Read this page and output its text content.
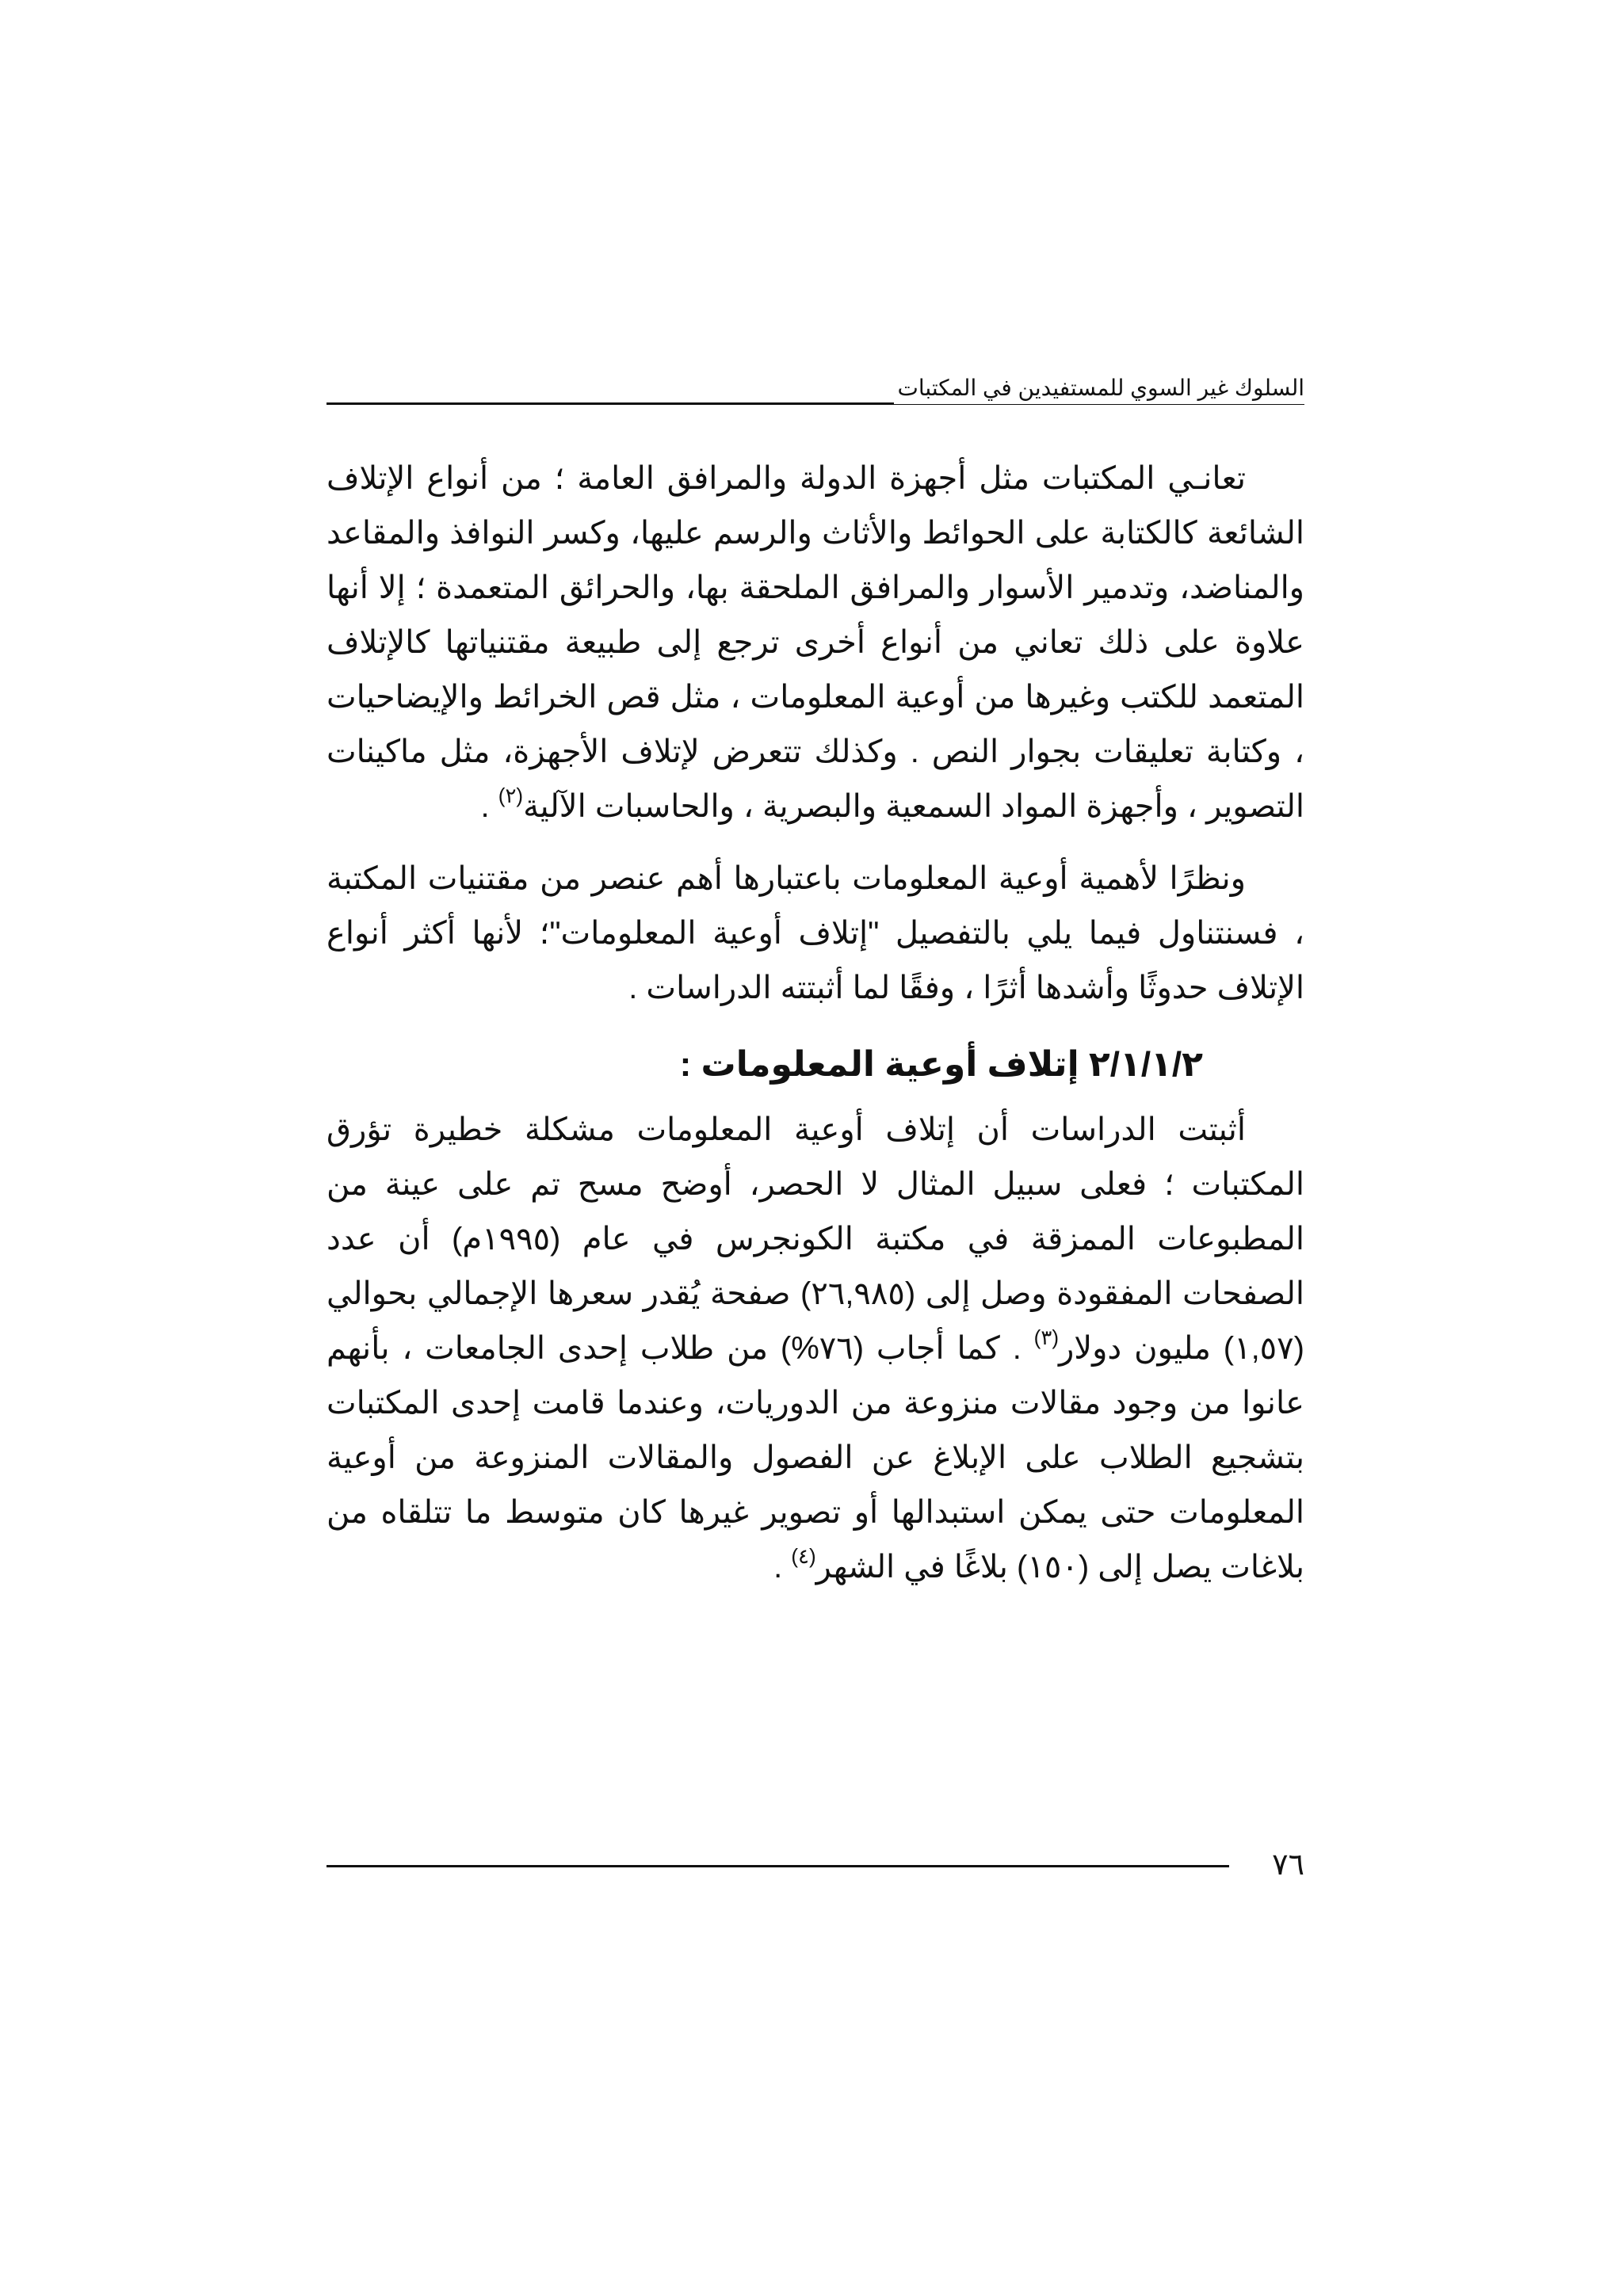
السلوك غير السوي للمستفيدين في المكتبات

تعانـي المكتبات مثل أجهزة الدولة والمرافق العامة ؛ من أنواع الإتلاف الشائعة كالكتابة على الحوائط والأثاث والرسم عليها، وكسر النوافذ والمقاعد والمناضد، وتدمير الأسوار والمرافق الملحقة بها، والحرائق المتعمدة ؛ إلا أنها علاوة على ذلك تعاني من أنواع أخرى ترجع إلى طبيعة مقتنياتها كالإتلاف المتعمد للكتب وغيرها من أوعية المعلومات ، مثل قص الخرائط والإيضاحيات ، وكتابة تعليقات بجوار النص . وكذلك تتعرض لإتلاف الأجهزة، مثل ماكينات التصوير ، وأجهزة المواد السمعية والبصرية ، والحاسبات الآلية$^{(٢)}$ .

ونظرًا لأهمية أوعية المعلومات باعتبارها أهم عنصر من مقتنيات المكتبة ، فسنتناول فيما يلي بالتفصيل "إتلاف أوعية المعلومات"؛ لأنها أكثر أنواع الإتلاف حدوثًا وأشدها أثرًا ، وفقًا لما أثبتته الدراسات .

٢/١/١/٢ إتلاف أوعية المعلومات :

أثبتت الدراسات أن إتلاف أوعية المعلومات مشكلة خطيرة تؤرق المكتبات ؛ فعلى سبيل المثال لا الحصر، أوضح مسح تم على عينة من المطبوعات الممزقة في مكتبة الكونجرس في عام (١٩٩٥م) أن عدد الصفحات المفقودة وصل إلى (٢٦,٩٨٥) صفحة يُقدر سعرها الإجمالي بحوالي (١,٥٧) مليون دولار$^{(٣)}$ . كما أجاب (٧٦%) من طلاب إحدى الجامعات ، بأنهم عانوا من وجود مقالات منزوعة من الدوريات، وعندما قامت إحدى المكتبات بتشجيع الطلاب على الإبلاغ عن الفصول والمقالات المنزوعة من أوعية المعلومات حتى يمكن استبدالها أو تصوير غيرها كان متوسط ما تتلقاه من بلاغات يصل إلى (١٥٠) بلاغًا في الشهر$^{(٤)}$ .

٧٦
